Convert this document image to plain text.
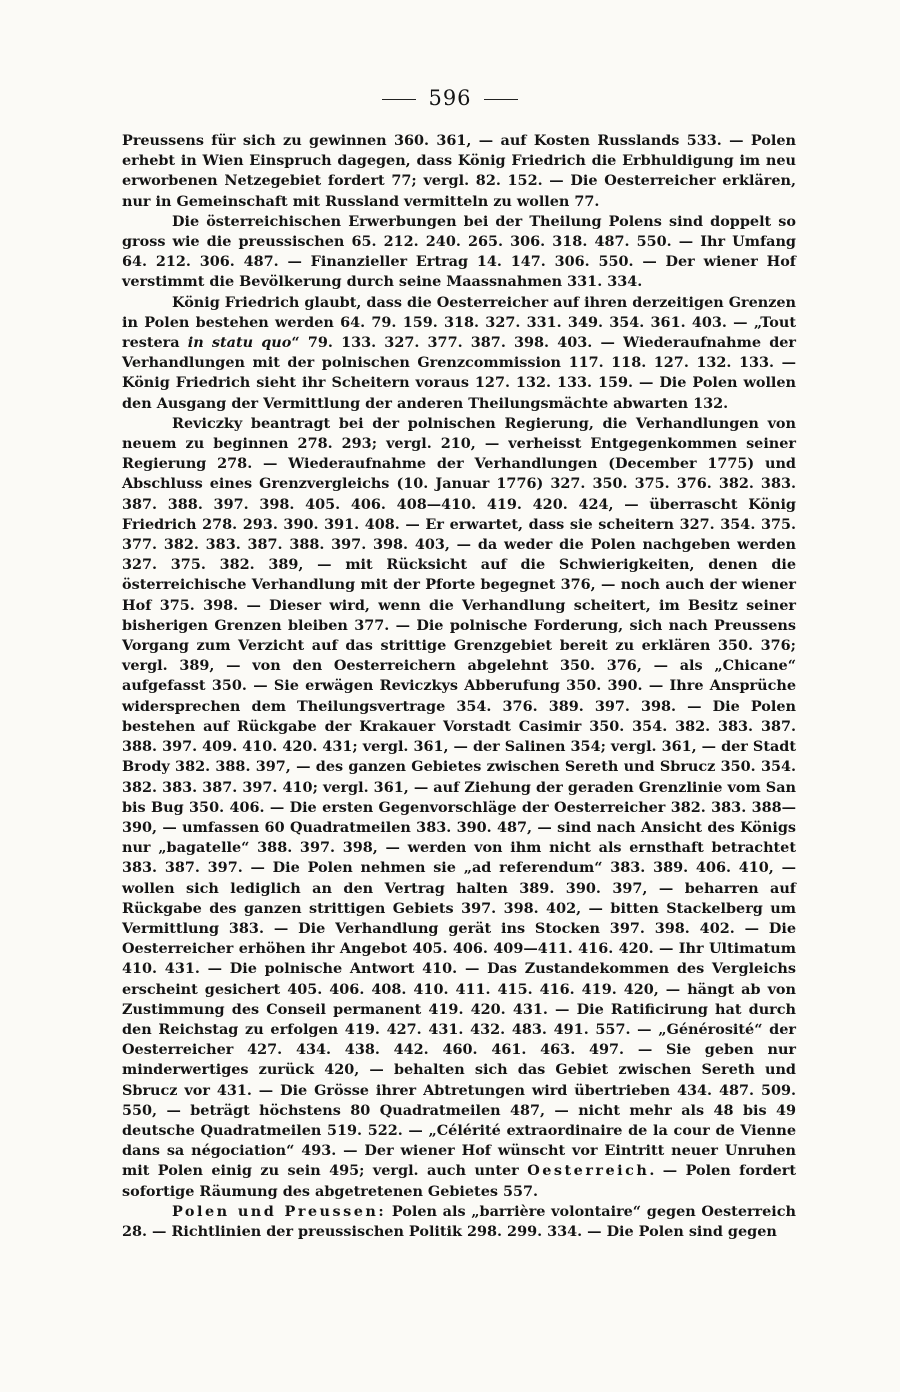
596

Preussens für sich zu gewinnen 360. 361, — auf Kosten Russlands 533. — Polen erhebt in Wien Einspruch dagegen, dass König Friedrich die Erbhuldigung im neu erworbenen Netzegebiet fordert 77; vergl. 82. 152. — Die Oesterreicher erklären, nur in Gemeinschaft mit Russland vermitteln zu wollen 77.

Die österreichischen Erwerbungen bei der Theilung Polens sind doppelt so gross wie die preussischen 65. 212. 240. 265. 306. 318. 487. 550. — Ihr Umfang 64. 212. 306. 487. — Finanzieller Ertrag 14. 147. 306. 550. — Der wiener Hof verstimmt die Bevölkerung durch seine Maassnahmen 331. 334.

König Friedrich glaubt, dass die Oesterreicher auf ihren derzeitigen Grenzen in Polen bestehen werden 64. 79. 159. 318. 327. 331. 349. 354. 361. 403. — „Tout restera in statu quo“ 79. 133. 327. 377. 387. 398. 403. — Wiederaufnahme der Verhandlungen mit der polnischen Grenzcommission 117. 118. 127. 132. 133. — König Friedrich sieht ihr Scheitern voraus 127. 132. 133. 159. — Die Polen wollen den Ausgang der Vermittlung der anderen Theilungsmächte abwarten 132.

Reviczky beantragt bei der polnischen Regierung, die Verhandlungen von neuem zu beginnen 278. 293; vergl. 210, — verheisst Entgegenkommen seiner Regierung 278. — Wiederaufnahme der Verhandlungen (December 1775) und Abschluss eines Grenzvergleichs (10. Januar 1776) 327. 350. 375. 376. 382. 383. 387. 388. 397. 398. 405. 406. 408—410. 419. 420. 424, — überrascht König Friedrich 278. 293. 390. 391. 408. — Er erwartet, dass sie scheitern 327. 354. 375. 377. 382. 383. 387. 388. 397. 398. 403, — da weder die Polen nachgeben werden 327. 375. 382. 389, — mit Rücksicht auf die Schwierigkeiten, denen die österreichische Verhandlung mit der Pforte begegnet 376, — noch auch der wiener Hof 375. 398. — Dieser wird, wenn die Verhandlung scheitert, im Besitz seiner bisherigen Grenzen bleiben 377. — Die polnische Forderung, sich nach Preussens Vorgang zum Verzicht auf das strittige Grenzgebiet bereit zu erklären 350. 376; vergl. 389, — von den Oesterreichern abgelehnt 350. 376, — als „Chicane“ aufgefasst 350. — Sie erwägen Reviczkys Abberufung 350. 390. — Ihre Ansprüche widersprechen dem Theilungsvertrage 354. 376. 389. 397. 398. — Die Polen bestehen auf Rückgabe der Krakauer Vorstadt Casimir 350. 354. 382. 383. 387. 388. 397. 409. 410. 420. 431; vergl. 361, — der Salinen 354; vergl. 361, — der Stadt Brody 382. 388. 397, — des ganzen Gebietes zwischen Sereth und Sbrucz 350. 354. 382. 383. 387. 397. 410; vergl. 361, — auf Ziehung der geraden Grenzlinie vom San bis Bug 350. 406. — Die ersten Gegenvorschläge der Oesterreicher 382. 383. 388—390, — umfassen 60 Quadratmeilen 383. 390. 487, — sind nach Ansicht des Königs nur „bagatelle“ 388. 397. 398, — werden von ihm nicht als ernsthaft betrachtet 383. 387. 397. — Die Polen nehmen sie „ad referendum“ 383. 389. 406. 410, — wollen sich lediglich an den Vertrag halten 389. 390. 397, — beharren auf Rückgabe des ganzen strittigen Gebiets 397. 398. 402, — bitten Stackelberg um Vermittlung 383. — Die Verhandlung gerät ins Stocken 397. 398. 402. — Die Oesterreicher erhöhen ihr Angebot 405. 406. 409—411. 416. 420. — Ihr Ultimatum 410. 431. — Die polnische Antwort 410. — Das Zustandekommen des Vergleichs erscheint gesichert 405. 406. 408. 410. 411. 415. 416. 419. 420, — hängt ab von Zustimmung des Conseil permanent 419. 420. 431. — Die Ratificirung hat durch den Reichstag zu erfolgen 419. 427. 431. 432. 483. 491. 557. — „Générosité“ der Oesterreicher 427. 434. 438. 442. 460. 461. 463. 497. — Sie geben nur minderwertiges zurück 420, — behalten sich das Gebiet zwischen Sereth und Sbrucz vor 431. — Die Grösse ihrer Abtretungen wird übertrieben 434. 487. 509. 550, — beträgt höchstens 80 Quadratmeilen 487, — nicht mehr als 48 bis 49 deutsche Quadratmeilen 519. 522. — „Célérité extraordinaire de la cour de Vienne dans sa négociation“ 493. — Der wiener Hof wünscht vor Eintritt neuer Unruhen mit Polen einig zu sein 495; vergl. auch unter Oesterreich. — Polen fordert sofortige Räumung des abgetretenen Gebietes 557.

Polen und Preussen: Polen als „barrière volontaire“ gegen Oesterreich 28. — Richtlinien der preussischen Politik 298. 299. 334. — Die Polen sind gegen
